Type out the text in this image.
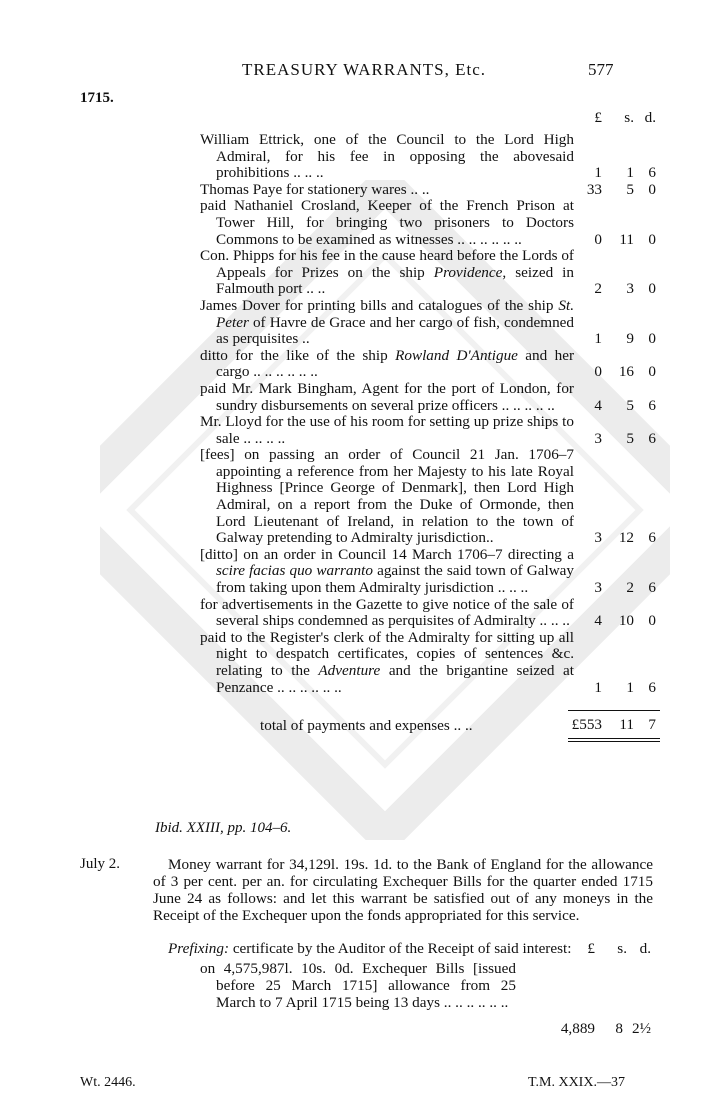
TREASURY WARRANTS, Etc.	577
1715.
£ s. d.
William Ettrick, one of the Council to the Lord High Admiral, for his fee in opposing the abovesaid prohibitions .. .. ..	1 1 6
Thomas Paye for stationery wares .. ..	33 5 0
paid Nathaniel Crosland, Keeper of the French Prison at Tower Hill, for bringing two prisoners to Doctors Commons to be examined as witnesses .. .. .. .. .. ..	0 11 0
Con. Phipps for his fee in the cause heard before the Lords of Appeals for Prizes on the ship Providence, seized in Falmouth port .. ..	2 3 0
James Dover for printing bills and catalogues of the ship St. Peter of Havre de Grace and her cargo of fish, condemned as perquisites ..	1 9 0
ditto for the like of the ship Rowland D'Antigue and her cargo .. .. .. .. .. ..	0 16 0
paid Mr. Mark Bingham, Agent for the port of London, for sundry disbursements on several prize officers .. .. .. .. ..	4 5 6
Mr. Lloyd for the use of his room for setting up prize ships to sale .. .. .. ..	3 5 6
[fees] on passing an order of Council 21 Jan. 1706–7 appointing a reference from her Majesty to his late Royal Highness [Prince George of Denmark], then Lord High Admiral, on a report from the Duke of Ormonde, then Lord Lieutenant of Ireland, in relation to the town of Galway pretending to Admiralty jurisdiction..	3 12 6
[ditto] on an order in Council 14 March 1706–7 directing a scire facias quo warranto against the said town of Galway from taking upon them Admiralty jurisdiction .. .. ..	3 2 6
for advertisements in the Gazette to give notice of the sale of several ships condemned as perquisites of Admiralty .. .. .. 4 10 0
paid to the Register's clerk of the Admiralty for sitting up all night to despatch certificates, copies of sentences &c. relating to the Adventure and the brigantine seized at Penzance .. .. .. .. .. ..	1 1 6
total of payments and expenses .. ..	£553 11 7
Ibid. XXIII, pp. 104–6.
July 2.	Money warrant for 34,129l. 19s. 1d. to the Bank of England for the allowance of 3 per cent. per an. for circulating Exchequer Bills for the quarter ended 1715 June 24 as follows: and let this warrant be satisfied out of any moneys in the Receipt of the Exchequer upon the fonds appropriated for this service.
Prefixing: certificate by the Auditor of the Receipt of said interest:	£ s. d.
on 4,575,987l. 10s. 0d. Exchequer Bills [issued before 25 March 1715] allowance from 25 March to 7 April 1715 being 13 days .. .. .. .. .. ..
4,889 8 2½
Wt. 2446.	T.M. XXIX.—37
